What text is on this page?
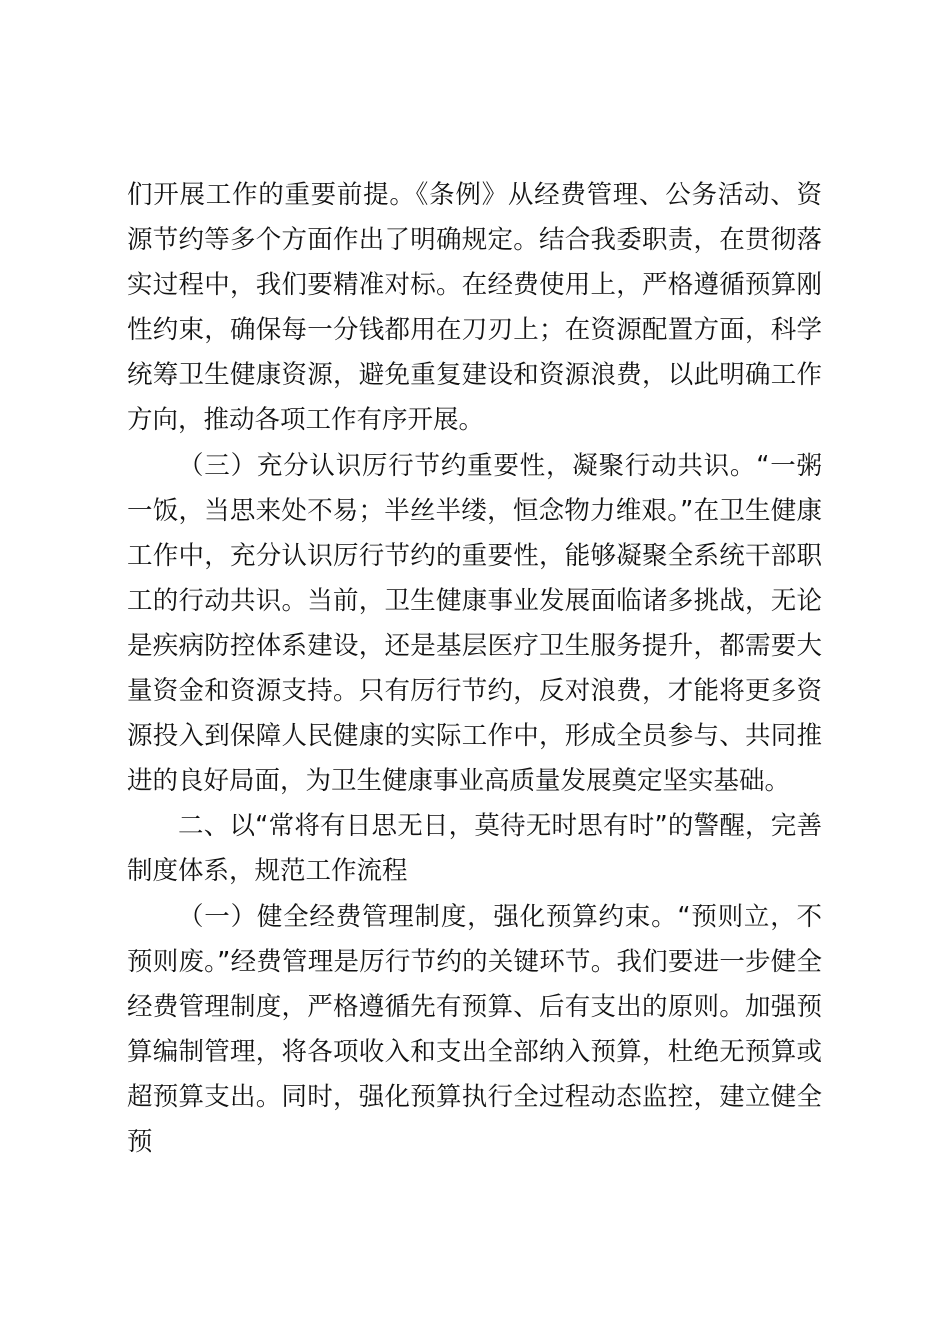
们开展工作的重要前提。《条例》从经费管理、公务活动、资源节约等多个方面作出了明确规定。结合我委职责，在贯彻落实过程中，我们要精准对标。在经费使用上，严格遵循预算刚性约束，确保每一分钱都用在刀刃上；在资源配置方面，科学统筹卫生健康资源，避免重复建设和资源浪费，以此明确工作方向，推动各项工作有序开展。

（三）充分认识厉行节约重要性，凝聚行动共识。“一粥一饭，当思来处不易；半丝半缕，恒念物力维艰。”在卫生健康工作中，充分认识厉行节约的重要性，能够凝聚全系统干部职工的行动共识。当前，卫生健康事业发展面临诸多挑战，无论是疾病防控体系建设，还是基层医疗卫生服务提升，都需要大量资金和资源支持。只有厉行节约，反对浪费，才能将更多资源投入到保障人民健康的实际工作中，形成全员参与、共同推进的良好局面，为卫生健康事业高质量发展奠定坚实基础。

二、以“常将有日思无日，莫待无时思有时”的警醒，完善制度体系，规范工作流程

（一）健全经费管理制度，强化预算约束。“预则立，不预则废。”经费管理是厉行节约的关键环节。我们要进一步健全经费管理制度，严格遵循先有预算、后有支出的原则。加强预算编制管理，将各项收入和支出全部纳入预算，杜绝无预算或超预算支出。同时，强化预算执行全过程动态监控，建立健全预
